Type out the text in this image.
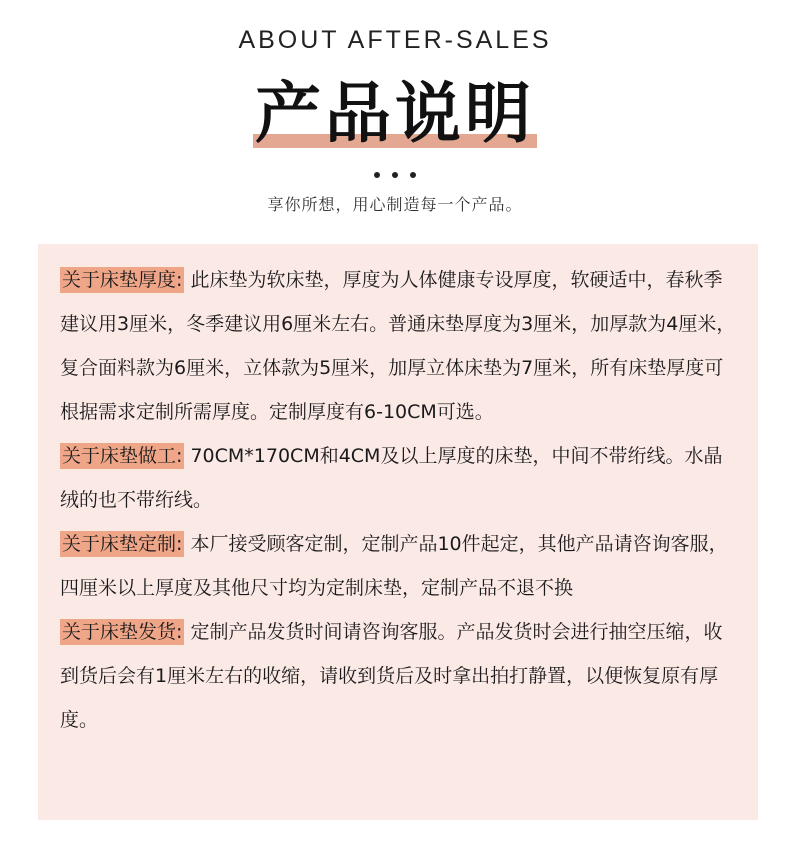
ABOUT AFTER-SALES
产品说明

享你所想，用心制造每一个产品。

关于床垫厚度: 此床垫为软床垫，厚度为人体健康专设厚度，软硬适中，春秋季建议用3厘米，冬季建议用6厘米左右。普通床垫厚度为3厘米，加厚款为4厘米，复合面料款为6厘米，立体款为5厘米，加厚立体床垫为7厘米，所有床垫厚度可根据需求定制所需厚度。定制厚度有6-10CM可选。

关于床垫做工: 70CM*170CM和4CM及以上厚度的床垫，中间不带绗线。水晶绒的也不带绗线。

关于床垫定制: 本厂接受顾客定制，定制产品10件起定，其他产品请咨询客服，四厘米以上厚度及其他尺寸均为定制床垫，定制产品不退不换

关于床垫发货: 定制产品发货时间请咨询客服。产品发货时会进行抽空压缩，收到货后会有1厘米左右的收缩，请收到货后及时拿出拍打静置，以便恢复原有厚度。
